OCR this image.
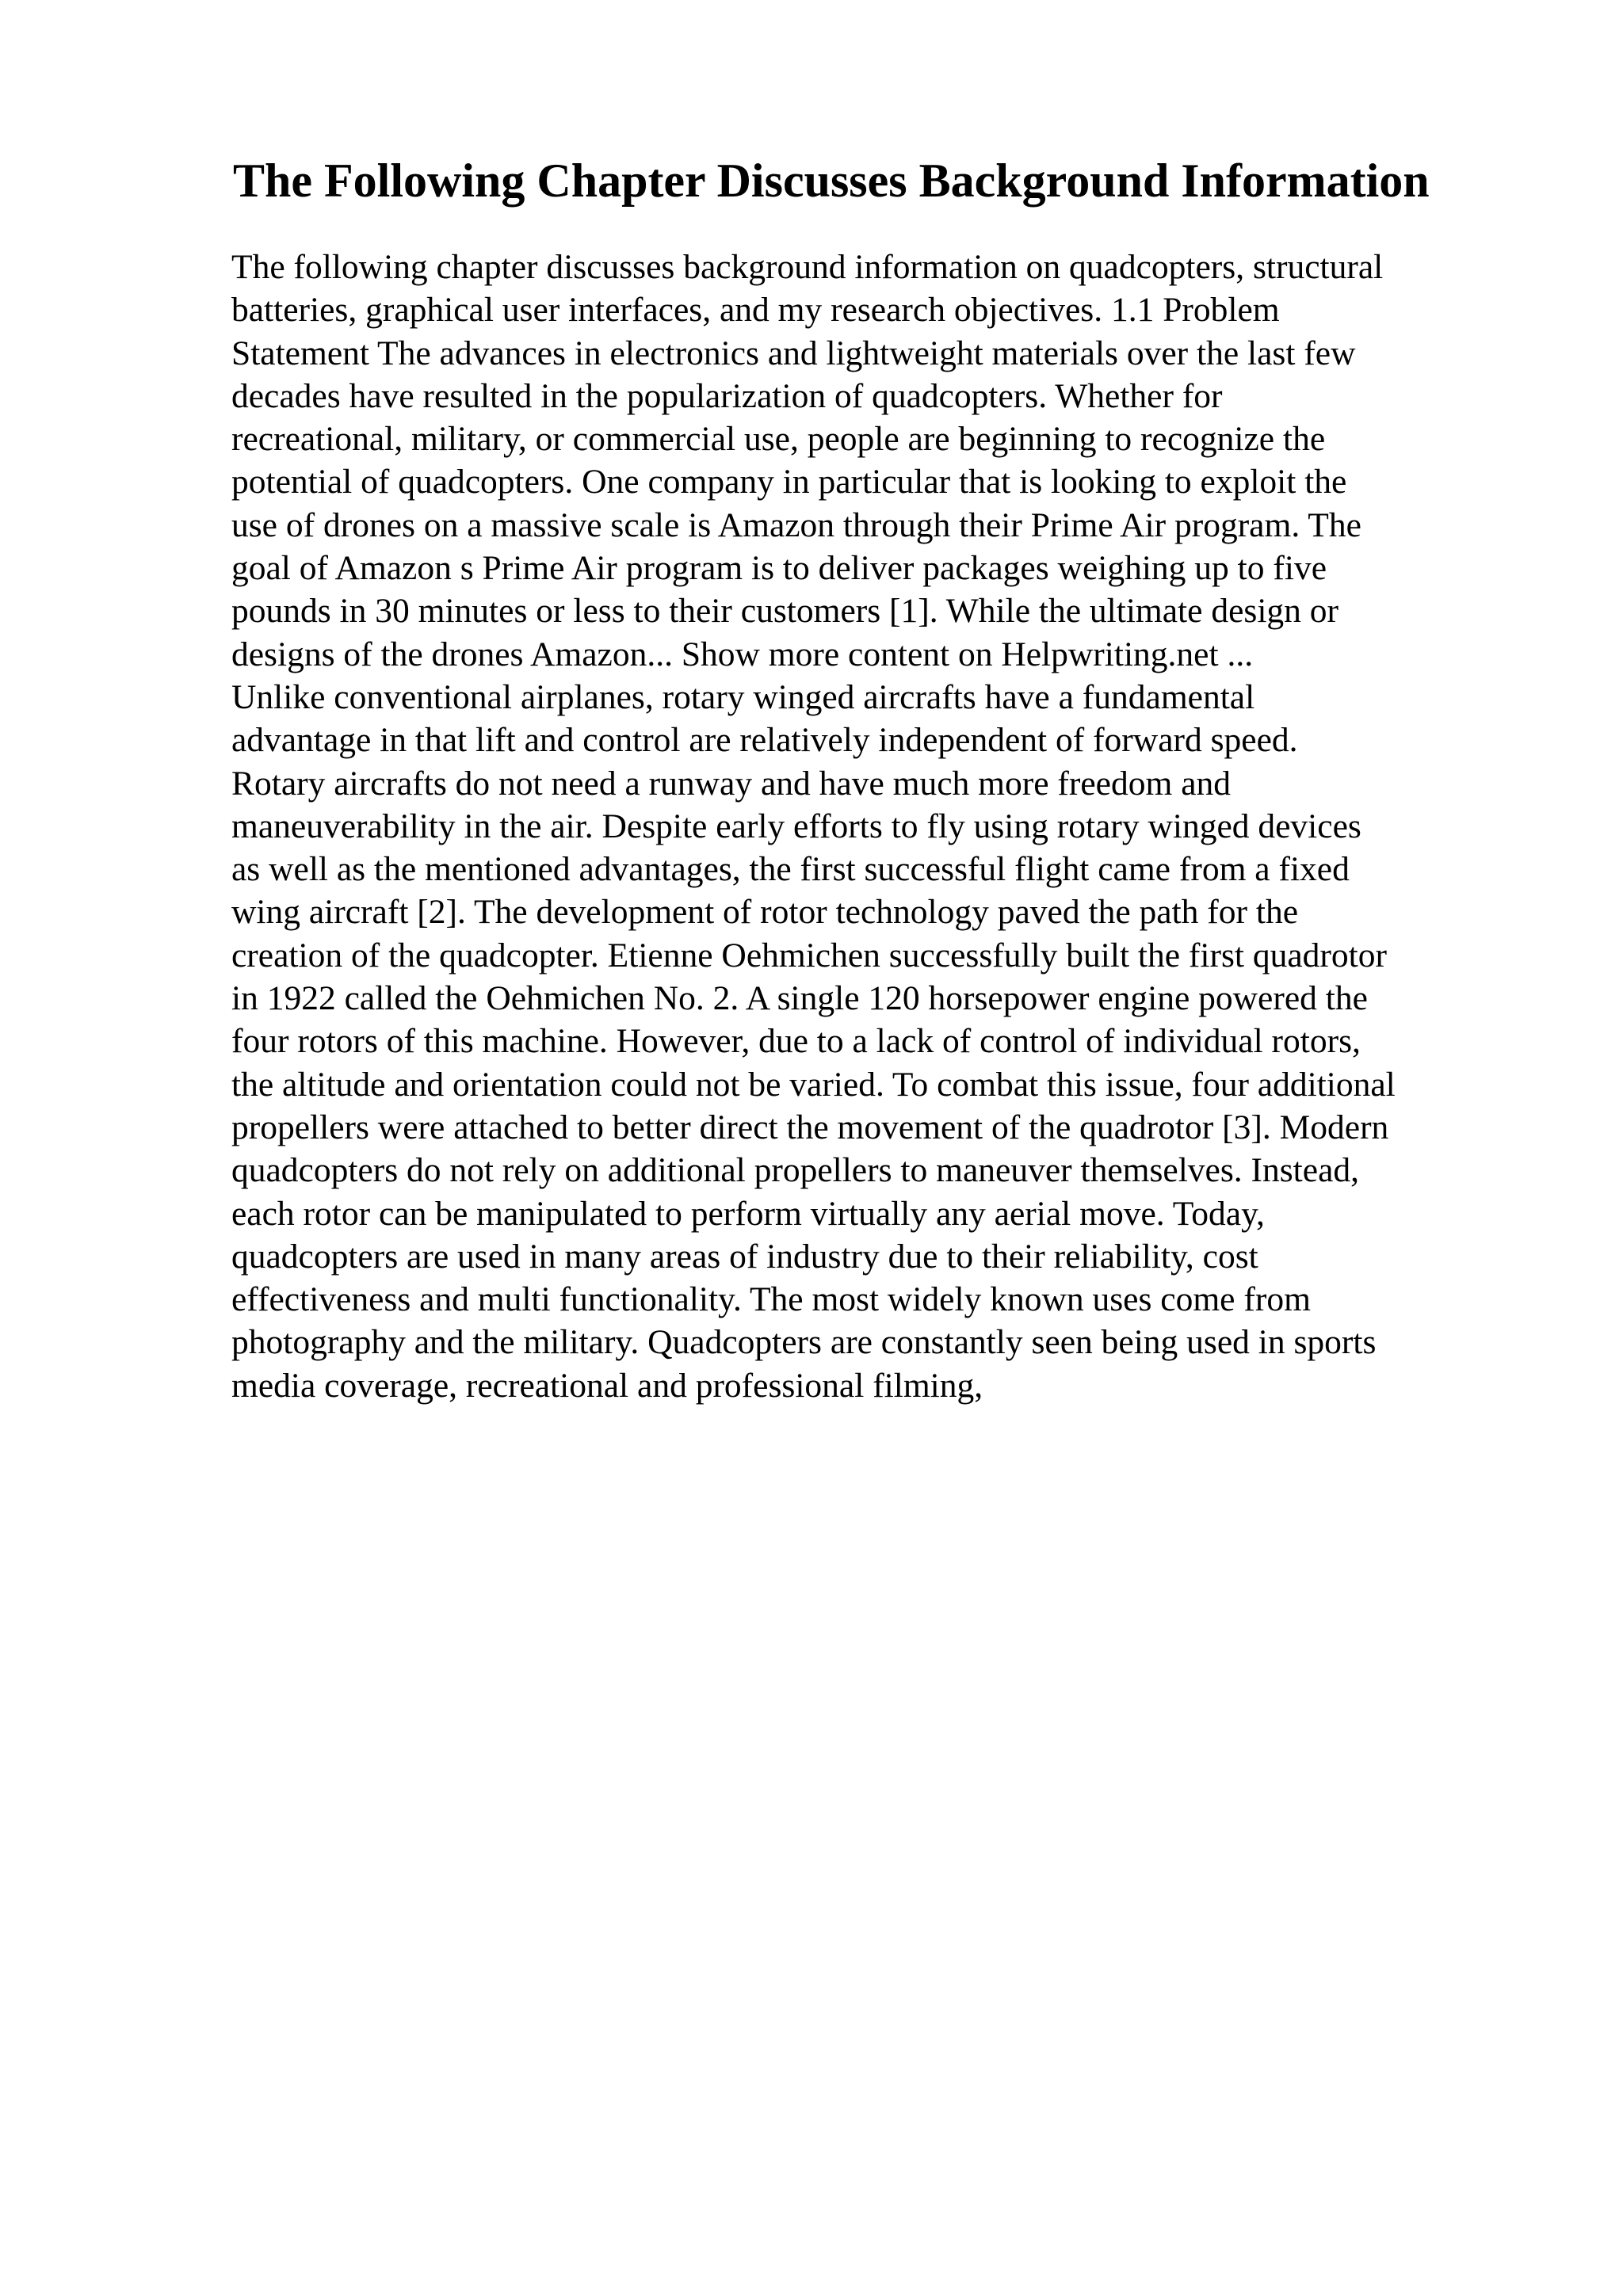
The Following Chapter Discusses Background Information
The following chapter discusses background information on quadcopters, structural
batteries, graphical user interfaces, and my research objectives. 1.1 Problem
Statement The advances in electronics and lightweight materials over the last few
decades have resulted in the popularization of quadcopters. Whether for
recreational, military, or commercial use, people are beginning to recognize the
potential of quadcopters. One company in particular that is looking to exploit the
use of drones on a massive scale is Amazon through their Prime Air program. The
goal of Amazon s Prime Air program is to deliver packages weighing up to five
pounds in 30 minutes or less to their customers [1]. While the ultimate design or
designs of the drones Amazon... Show more content on Helpwriting.net ...
Unlike conventional airplanes, rotary winged aircrafts have a fundamental
advantage in that lift and control are relatively independent of forward speed.
Rotary aircrafts do not need a runway and have much more freedom and
maneuverability in the air. Despite early efforts to fly using rotary winged devices
as well as the mentioned advantages, the first successful flight came from a fixed
wing aircraft [2]. The development of rotor technology paved the path for the
creation of the quadcopter. Etienne Oehmichen successfully built the first quadrotor
in 1922 called the Oehmichen No. 2. A single 120 horsepower engine powered the
four rotors of this machine. However, due to a lack of control of individual rotors,
the altitude and orientation could not be varied. To combat this issue, four additional
propellers were attached to better direct the movement of the quadrotor [3]. Modern
quadcopters do not rely on additional propellers to maneuver themselves. Instead,
each rotor can be manipulated to perform virtually any aerial move. Today,
quadcopters are used in many areas of industry due to their reliability, cost
effectiveness and multi functionality. The most widely known uses come from
photography and the military. Quadcopters are constantly seen being used in sports
media coverage, recreational and professional filming,
